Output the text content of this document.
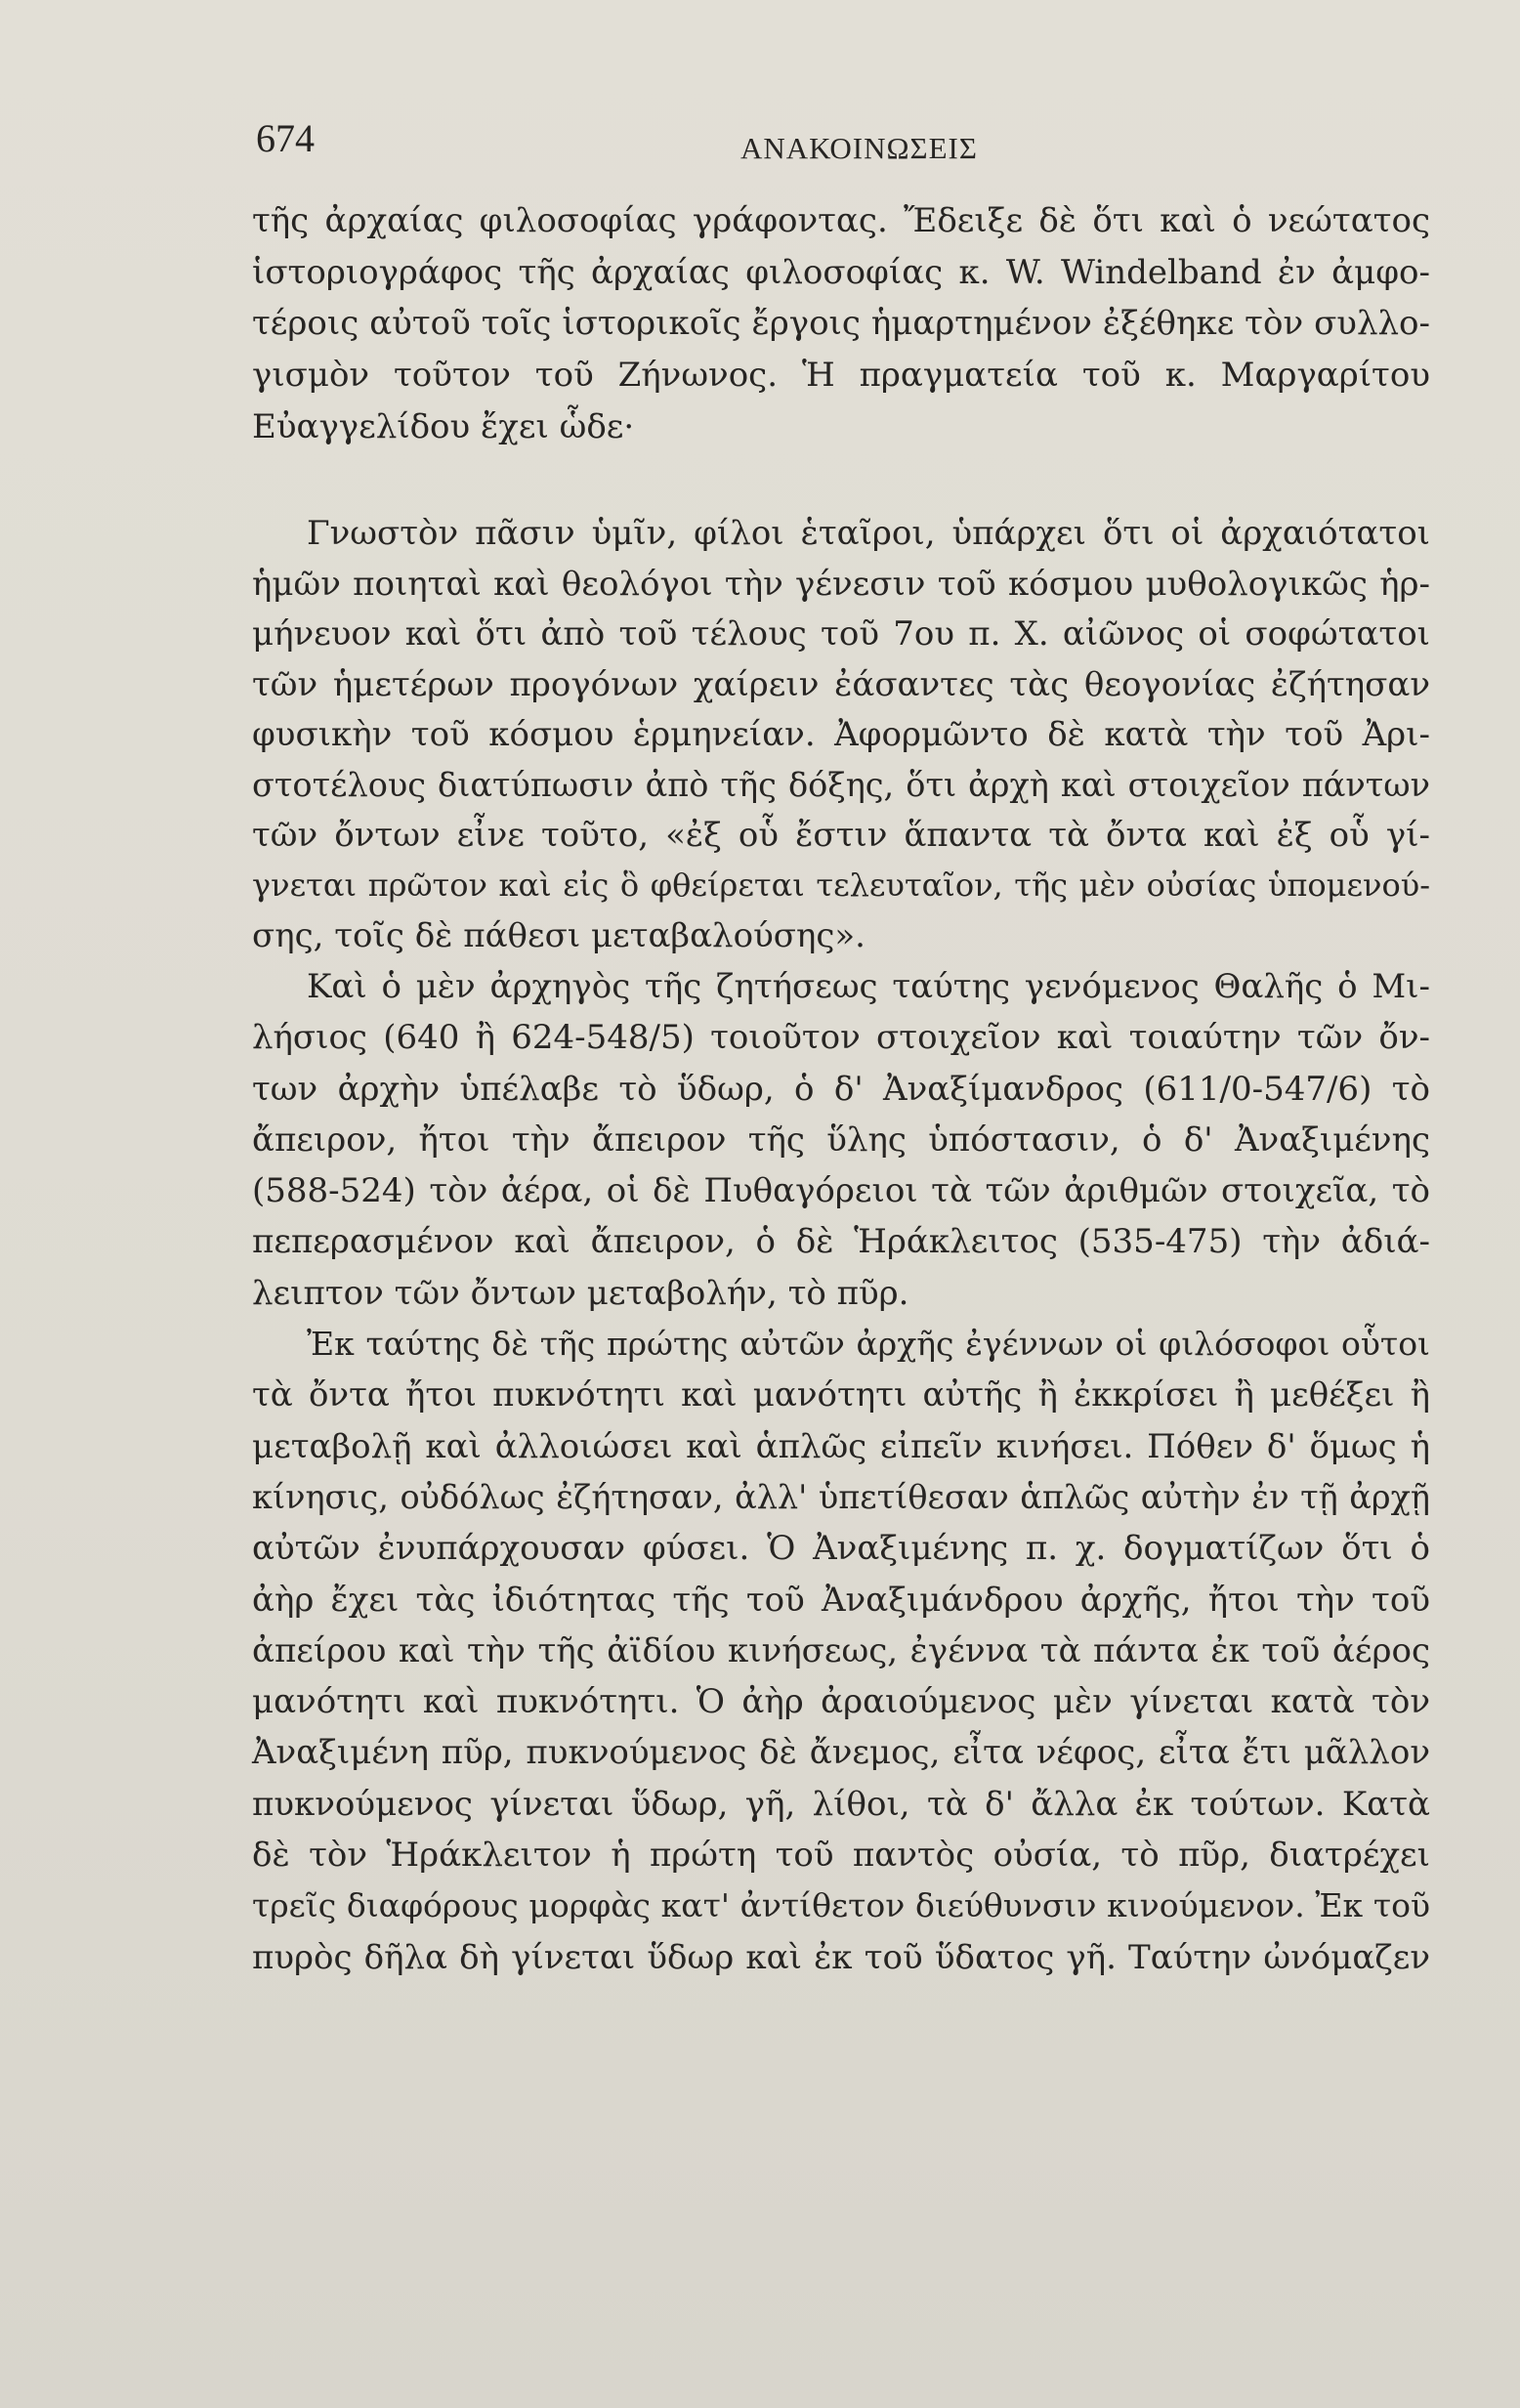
674	ΑΝΑΚΟΙΝΩΣΕΙΣ
τῆς ἀρχαίας φιλοσοφίας γράφοντας. Ἔδειξε δὲ ὅτι καὶ ὁ νεώτατος
ἱστοριογράφος τῆς ἀρχαίας φιλοσοφίας κ. W. Windelband ἐν ἀμφο-
τέροις αὐτοῦ τοῖς ἱστορικοῖς ἔργοις ἡμαρτημένον ἐξέθηκε τὸν συλλο-
γισμὸν τοῦτον τοῦ Ζήνωνος. Ἡ πραγματεία τοῦ κ. Μαργαρίτου
Εὐαγγελίδου ἔχει ὧδε·
Γνωστὸν πᾶσιν ὑμῖν, φίλοι ἑταῖροι, ὑπάρχει ὅτι οἱ ἀρχαιότατοι
ἡμῶν ποιηταὶ καὶ θεολόγοι τὴν γένεσιν τοῦ κόσμου μυθολογικῶς ἡρ-
μήνευον καὶ ὅτι ἀπὸ τοῦ τέλους τοῦ 7ου π. Χ. αἰῶνος οἱ σοφώτατοι
τῶν ἡμετέρων προγόνων χαίρειν ἐάσαντες τὰς θεογονίας ἐζήτησαν
φυσικὴν τοῦ κόσμου ἑρμηνείαν. Ἀφορμῶντο δὲ κατὰ τὴν τοῦ Ἀρι-
στοτέλους διατύπωσιν ἀπὸ τῆς δόξης, ὅτι ἀρχὴ καὶ στοιχεῖον πάντων
τῶν ὄντων εἶνε τοῦτο, «ἐξ οὗ ἔστιν ἅπαντα τὰ ὄντα καὶ ἐξ οὗ γί-
γνεται πρῶτον καὶ εἰς ὃ φθείρεται τελευταῖον, τῆς μὲν οὐσίας ὑπομενού-
σης, τοῖς δὲ πάθεσι μεταβαλούσης».
Καὶ ὁ μὲν ἀρχηγὸς τῆς ζητήσεως ταύτης γενόμενος Θαλῆς ὁ Μι-
λήσιος (640 ἢ 624-548/5) τοιοῦτον στοιχεῖον καὶ τοιαύτην τῶν ὄν-
των ἀρχὴν ὑπέλαβε τὸ ὕδωρ, ὁ δ' Ἀναξίμανδρος (611/0-547/6) τὸ
ἄπειρον, ἤτοι τὴν ἄπειρον τῆς ὕλης ὑπόστασιν, ὁ δ' Ἀναξιμένης
(588-524) τὸν ἀέρα, οἱ δὲ Πυθαγόρειοι τὰ τῶν ἀριθμῶν στοιχεῖα, τὸ
πεπερασμένον καὶ ἄπειρον, ὁ δὲ Ἡράκλειτος (535-475) τὴν ἀδιά-
λειπτον τῶν ὄντων μεταβολήν, τὸ πῦρ.
Ἐκ ταύτης δὲ τῆς πρώτης αὐτῶν ἀρχῆς ἐγέννων οἱ φιλόσοφοι οὗτοι
τὰ ὄντα ἤτοι πυκνότητι καὶ μανότητι αὐτῆς ἢ ἐκκρίσει ἢ μεθέξει ἢ
μεταβολῇ καὶ ἀλλοιώσει καὶ ἁπλῶς εἰπεῖν κινήσει. Πόθεν δ' ὅμως ἡ
κίνησις, οὐδόλως ἐζήτησαν, ἀλλ' ὑπετίθεσαν ἁπλῶς αὐτὴν ἐν τῇ ἀρχῇ
αὐτῶν ἐνυπάρχουσαν φύσει. Ὁ Ἀναξιμένης π. χ. δογματίζων ὅτι ὁ
ἀὴρ ἔχει τὰς ἰδιότητας τῆς τοῦ Ἀναξιμάνδρου ἀρχῆς, ἤτοι τὴν τοῦ
ἀπείρου καὶ τὴν τῆς ἀϊδίου κινήσεως, ἐγέννα τὰ πάντα ἐκ τοῦ ἀέρος
μανότητι καὶ πυκνότητι. Ὁ ἀὴρ ἀραιούμενος μὲν γίνεται κατὰ τὸν
Ἀναξιμένη πῦρ, πυκνούμενος δὲ ἄνεμος, εἶτα νέφος, εἶτα ἔτι μᾶλλον
πυκνούμενος γίνεται ὕδωρ, γῆ, λίθοι, τὰ δ' ἄλλα ἐκ τούτων. Κατὰ
δὲ τὸν Ἡράκλειτον ἡ πρώτη τοῦ παντὸς οὐσία, τὸ πῦρ, διατρέχει
τρεῖς διαφόρους μορφὰς κατ' ἀντίθετον διεύθυνσιν κινούμενον. Ἐκ τοῦ
πυρὸς δῆλα δὴ γίνεται ὕδωρ καὶ ἐκ τοῦ ὕδατος γῆ. Ταύτην ὠνόμαζεν
